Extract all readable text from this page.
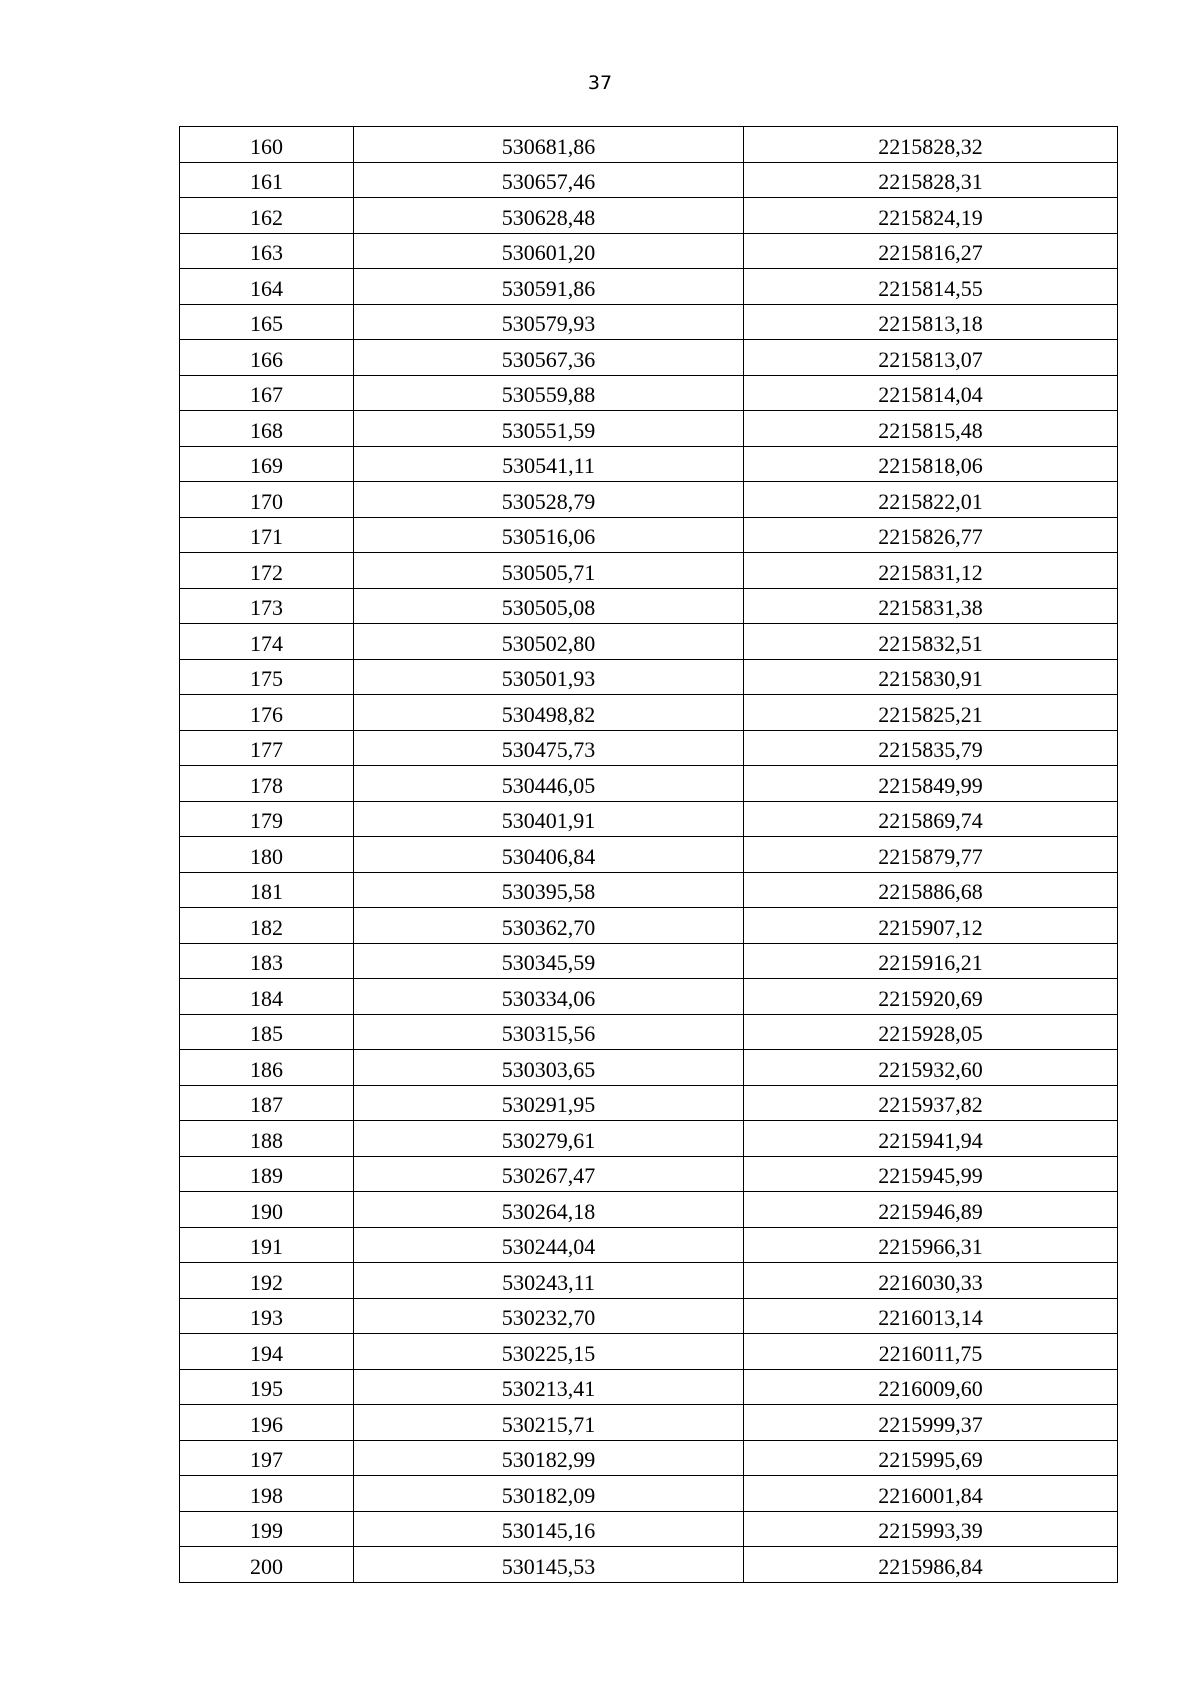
37
160	530681,86	2215828,32
161	530657,46	2215828,31
162	530628,48	2215824,19
163	530601,20	2215816,27
164	530591,86	2215814,55
165	530579,93	2215813,18
166	530567,36	2215813,07
167	530559,88	2215814,04
168	530551,59	2215815,48
169	530541,11	2215818,06
170	530528,79	2215822,01
171	530516,06	2215826,77
172	530505,71	2215831,12
173	530505,08	2215831,38
174	530502,80	2215832,51
175	530501,93	2215830,91
176	530498,82	2215825,21
177	530475,73	2215835,79
178	530446,05	2215849,99
179	530401,91	2215869,74
180	530406,84	2215879,77
181	530395,58	2215886,68
182	530362,70	2215907,12
183	530345,59	2215916,21
184	530334,06	2215920,69
185	530315,56	2215928,05
186	530303,65	2215932,60
187	530291,95	2215937,82
188	530279,61	2215941,94
189	530267,47	2215945,99
190	530264,18	2215946,89
191	530244,04	2215966,31
192	530243,11	2216030,33
193	530232,70	2216013,14
194	530225,15	2216011,75
195	530213,41	2216009,60
196	530215,71	2215999,37
197	530182,99	2215995,69
198	530182,09	2216001,84
199	530145,16	2215993,39
200	530145,53	2215986,84
